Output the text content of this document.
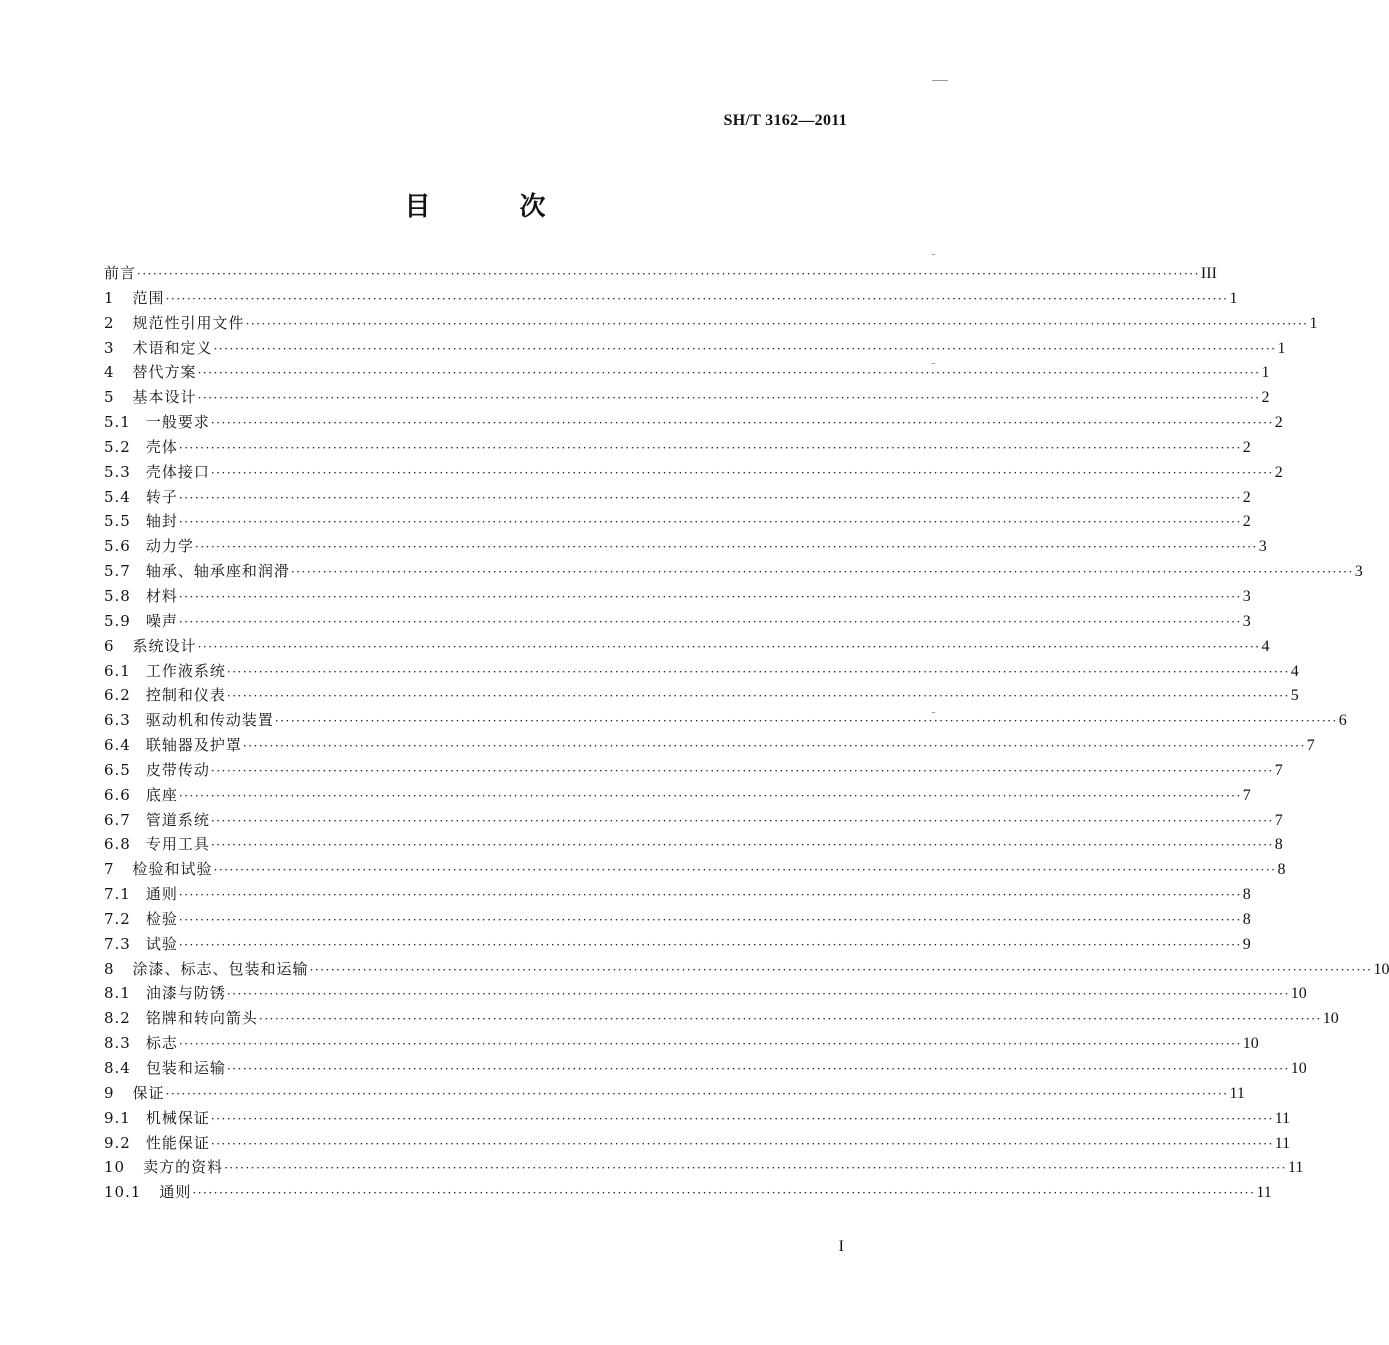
SH/T 3162—2011
目 次
前言 ········································································································································································································ III
1 范围 ········································································································································································································ 1
2 规范性引用文件 ········································································································································································································ 1
3 术语和定义 ········································································································································································································ 1
4 替代方案 ········································································································································································································ 1
5 基本设计 ········································································································································································································ 2
5.1 一般要求 ········································································································································································································ 2
5.2 壳体 ········································································································································································································ 2
5.3 壳体接口 ········································································································································································································ 2
5.4 转子 ········································································································································································································ 2
5.5 轴封 ········································································································································································································ 2
5.6 动力学 ········································································································································································································ 3
5.7 轴承、轴承座和润滑 ········································································································································································································ 3
5.8 材料 ········································································································································································································ 3
5.9 噪声 ········································································································································································································ 3
6 系统设计 ········································································································································································································ 4
6.1 工作液系统 ········································································································································································································ 4
6.2 控制和仪表 ········································································································································································································ 5
6.3 驱动机和传动装置 ········································································································································································································ 6
6.4 联轴器及护罩 ········································································································································································································ 7
6.5 皮带传动 ········································································································································································································ 7
6.6 底座 ········································································································································································································ 7
6.7 管道系统 ········································································································································································································ 7
6.8 专用工具 ········································································································································································································ 8
7 检验和试验 ········································································································································································································ 8
7.1 通则 ········································································································································································································ 8
7.2 检验 ········································································································································································································ 8
7.3 试验 ········································································································································································································ 9
8 涂漆、标志、包装和运输 ········································································································································································································ 10
8.1 油漆与防锈 ········································································································································································································ 10
8.2 铭牌和转向箭头 ········································································································································································································ 10
8.3 标志 ········································································································································································································ 10
8.4 包装和运输 ········································································································································································································ 10
9 保证 ········································································································································································································ 11
9.1 机械保证 ········································································································································································································ 11
9.2 性能保证 ········································································································································································································ 11
10 卖方的资料 ········································································································································································································ 11
10.1 通则 ········································································································································································································ 11
I
